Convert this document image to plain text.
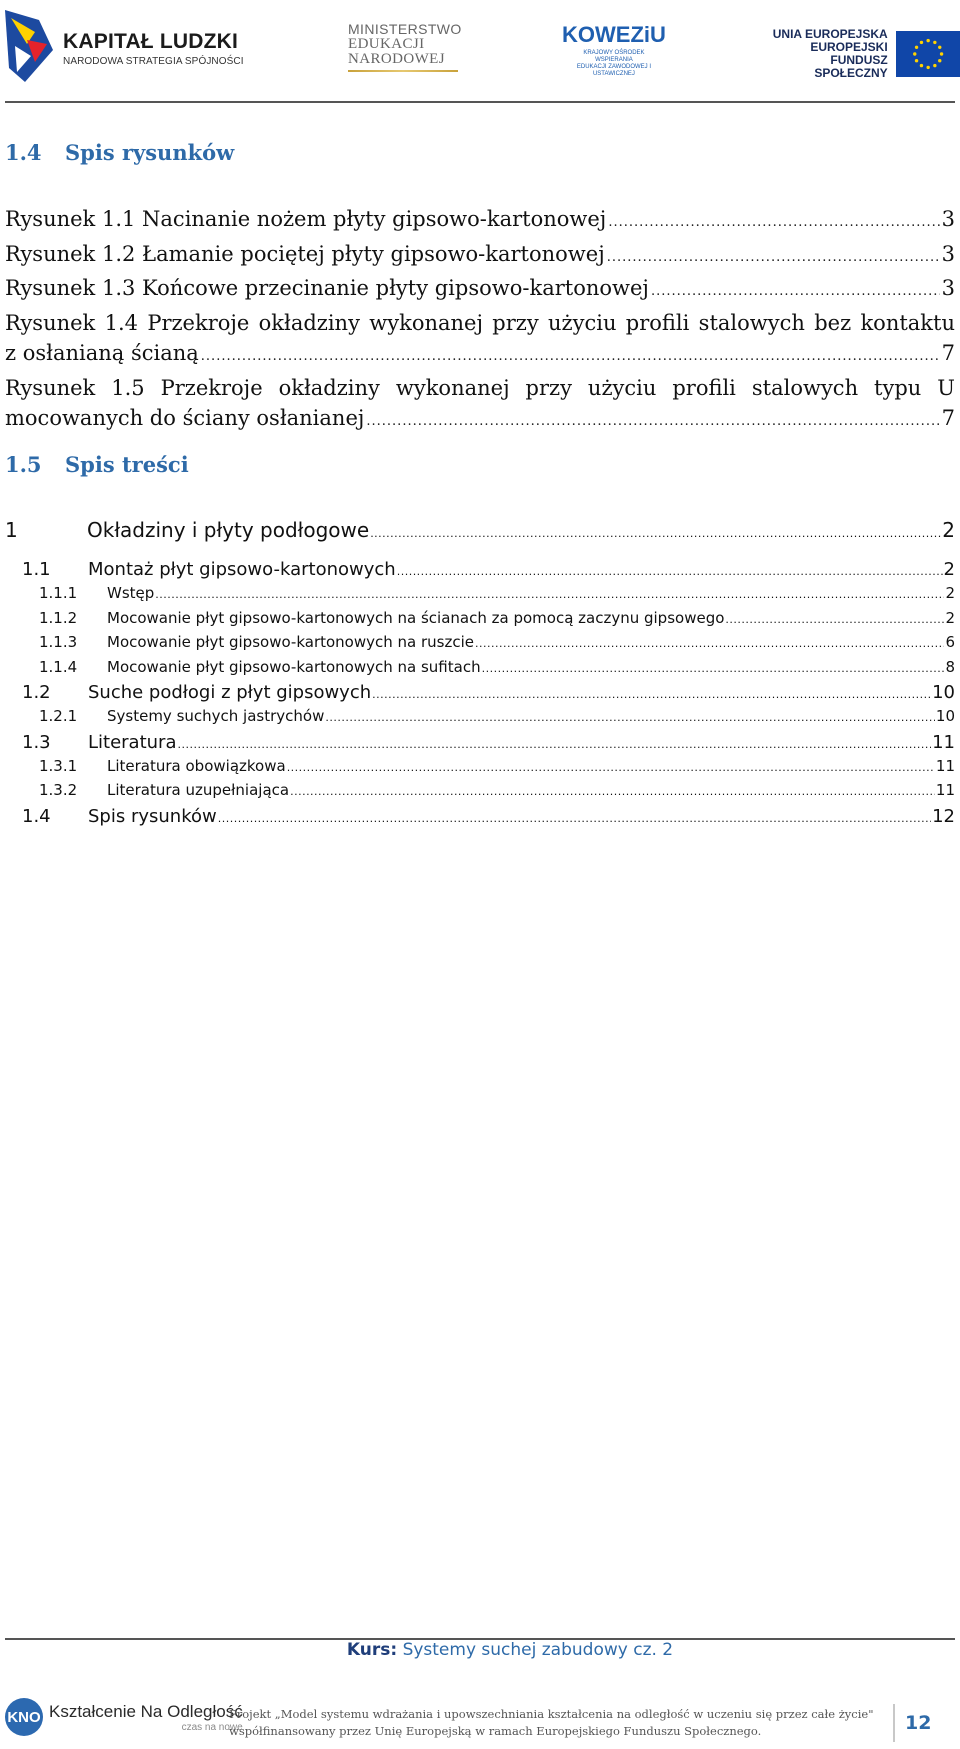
KAPITAŁ LUDZKI
NARODOWA STRATEGIA SPÓJNOŚCI
MINISTERSTWO
EDUKACJI
NARODOWEJ
KOWEZiU
KRAJOWY OŚRODEK WSPIERANIA
EDUKACJI ZAWODOWEJ I USTAWICZNEJ
UNIA EUROPEJSKA
EUROPEJSKI
FUNDUSZ SPOŁECZNY
1.4 Spis rysunków
Rysunek 1.1 Nacinanie nożem płyty gipsowo-kartonowej .....	3
Rysunek 1.2 Łamanie pociętej płyty gipsowo-kartonowej .....	3
Rysunek 1.3 Końcowe przecinanie płyty gipsowo-kartonowej .....	3
Rysunek 1.4 Przekroje okładziny wykonanej przy użyciu profili stalowych bez kontaktu
z osłanianą ścianą .....	7
Rysunek 1.5 Przekroje okładziny wykonanej przy użyciu profili stalowych typu U
mocowanych do ściany osłanianej .....	7
1.5 Spis treści
1	Okładziny i płyty podłogowe .....	2
1.1	Montaż płyt gipsowo-kartonowych .....	2
1.1.1	Wstęp .....	2
1.1.2	Mocowanie płyt gipsowo-kartonowych na ścianach za pomocą zaczynu gipsowego .....	2
1.1.3	Mocowanie płyt gipsowo-kartonowych na ruszcie .....	6
1.1.4	Mocowanie płyt gipsowo-kartonowych na sufitach .....	8
1.2	Suche podłogi z płyt gipsowych .....	10
1.2.1	Systemy suchych jastrychów .....	10
1.3	Literatura .....	11
1.3.1	Literatura obowiązkowa .....	11
1.3.2	Literatura uzupełniająca .....	11
1.4	Spis rysunków .....	12
Kurs: Systemy suchej zabudowy cz. 2
KNO Kształcenie Na Odległość
czas na nowe
Projekt „Model systemu wdrażania i upowszechniania kształcenia na odległość w uczeniu się przez całe życie"
współfinansowany przez Unię Europejską w ramach Europejskiego Funduszu Społecznego.	12
